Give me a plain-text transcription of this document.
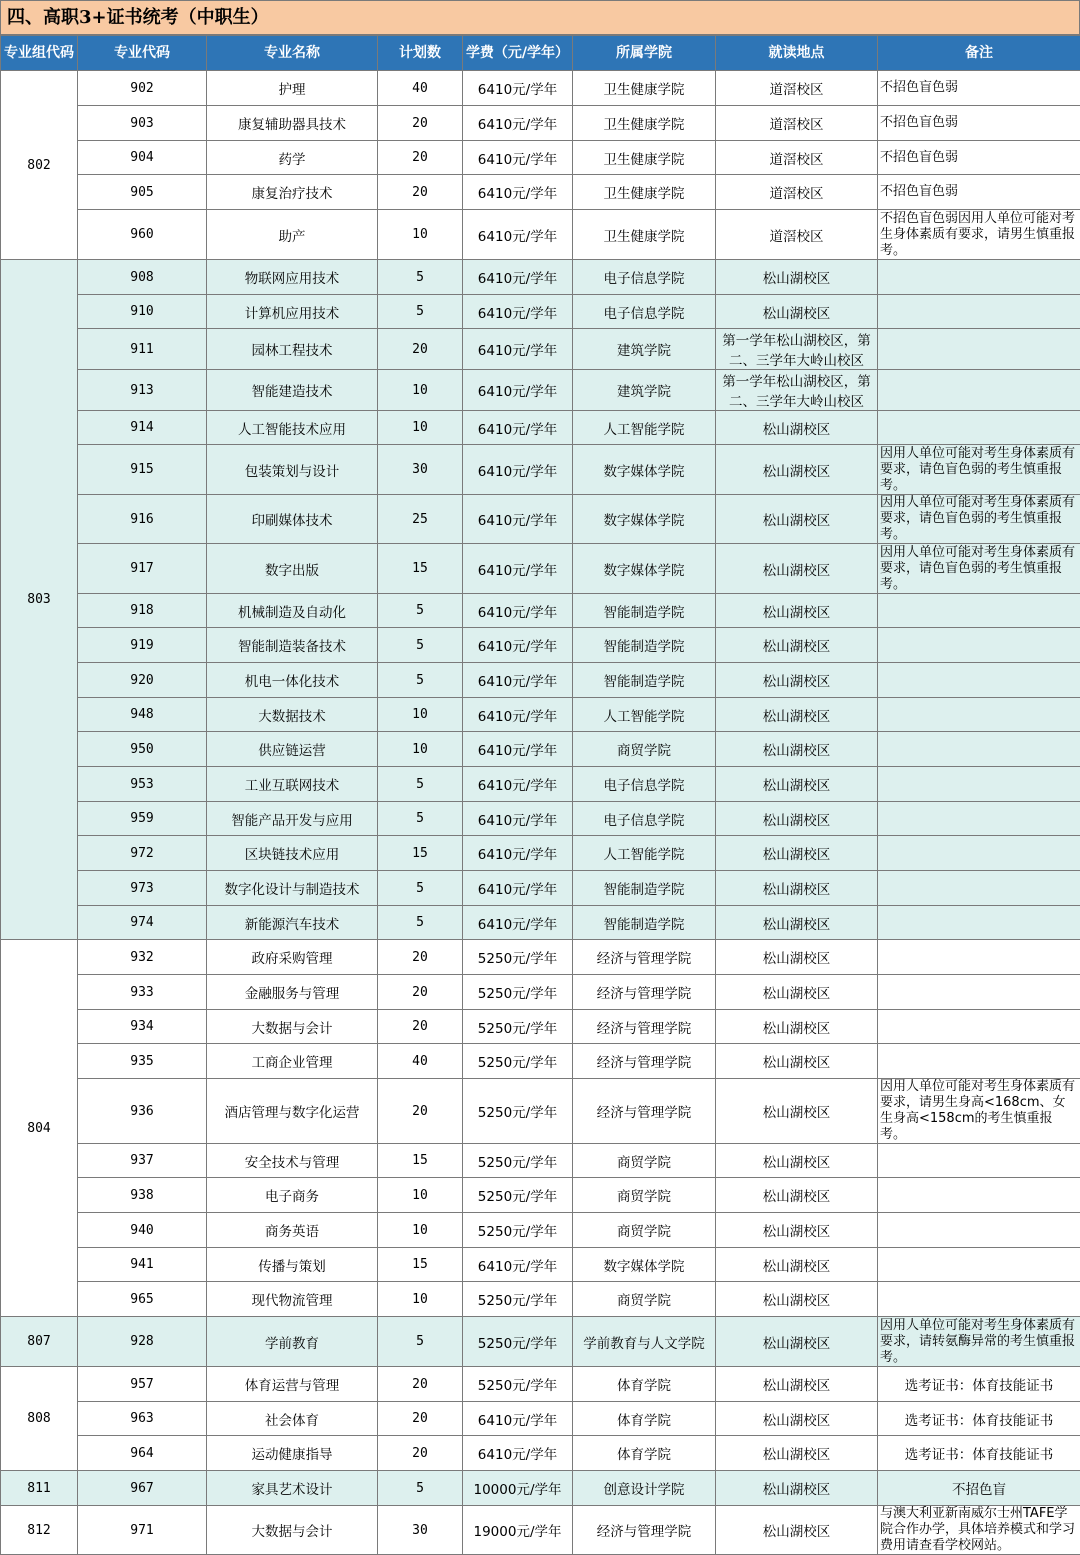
四、高职3+证书统考（中职生）
专业组代码	专业代码	专业名称	计划数	学费（元/学年）	所属学院	就读地点	备注
802	902	护理	40	6410元/学年	卫生健康学院	道滘校区	不招色盲色弱
	903	康复辅助器具技术	20	6410元/学年	卫生健康学院	道滘校区	不招色盲色弱
	904	药学	20	6410元/学年	卫生健康学院	道滘校区	不招色盲色弱
	905	康复治疗技术	20	6410元/学年	卫生健康学院	道滘校区	不招色盲色弱
	960	助产	10	6410元/学年	卫生健康学院	道滘校区	不招色盲色弱因用人单位可能对考生身体素质有要求，请男生慎重报考。
803	908	物联网应用技术	5	6410元/学年	电子信息学院	松山湖校区	
	910	计算机应用技术	5	6410元/学年	电子信息学院	松山湖校区	
	911	园林工程技术	20	6410元/学年	建筑学院	第一学年松山湖校区，第二、三学年大岭山校区	
	913	智能建造技术	10	6410元/学年	建筑学院	第一学年松山湖校区，第二、三学年大岭山校区	
	914	人工智能技术应用	10	6410元/学年	人工智能学院	松山湖校区	
	915	包装策划与设计	30	6410元/学年	数字媒体学院	松山湖校区	因用人单位可能对考生身体素质有要求，请色盲色弱的考生慎重报考。
	916	印刷媒体技术	25	6410元/学年	数字媒体学院	松山湖校区	因用人单位可能对考生身体素质有要求，请色盲色弱的考生慎重报考。
	917	数字出版	15	6410元/学年	数字媒体学院	松山湖校区	因用人单位可能对考生身体素质有要求，请色盲色弱的考生慎重报考。
	918	机械制造及自动化	5	6410元/学年	智能制造学院	松山湖校区	
	919	智能制造装备技术	5	6410元/学年	智能制造学院	松山湖校区	
	920	机电一体化技术	5	6410元/学年	智能制造学院	松山湖校区	
	948	大数据技术	10	6410元/学年	人工智能学院	松山湖校区	
	950	供应链运营	10	6410元/学年	商贸学院	松山湖校区	
	953	工业互联网技术	5	6410元/学年	电子信息学院	松山湖校区	
	959	智能产品开发与应用	5	6410元/学年	电子信息学院	松山湖校区	
	972	区块链技术应用	15	6410元/学年	人工智能学院	松山湖校区	
	973	数字化设计与制造技术	5	6410元/学年	智能制造学院	松山湖校区	
	974	新能源汽车技术	5	6410元/学年	智能制造学院	松山湖校区	
804	932	政府采购管理	20	5250元/学年	经济与管理学院	松山湖校区	
	933	金融服务与管理	20	5250元/学年	经济与管理学院	松山湖校区	
	934	大数据与会计	20	5250元/学年	经济与管理学院	松山湖校区	
	935	工商企业管理	40	5250元/学年	经济与管理学院	松山湖校区	
	936	酒店管理与数字化运营	20	5250元/学年	经济与管理学院	松山湖校区	因用人单位可能对考生身体素质有要求，请男生身高<168cm、女生身高<158cm的考生慎重报考。
	937	安全技术与管理	15	5250元/学年	商贸学院	松山湖校区	
	938	电子商务	10	5250元/学年	商贸学院	松山湖校区	
	940	商务英语	10	5250元/学年	商贸学院	松山湖校区	
	941	传播与策划	15	6410元/学年	数字媒体学院	松山湖校区	
	965	现代物流管理	10	5250元/学年	商贸学院	松山湖校区	
807	928	学前教育	5	5250元/学年	学前教育与人文学院	松山湖校区	因用人单位可能对考生身体素质有要求，请转氨酶异常的考生慎重报考。
808	957	体育运营与管理	20	5250元/学年	体育学院	松山湖校区	选考证书：体育技能证书
	963	社会体育	20	6410元/学年	体育学院	松山湖校区	选考证书：体育技能证书
	964	运动健康指导	20	6410元/学年	体育学院	松山湖校区	选考证书：体育技能证书
811	967	家具艺术设计	5	10000元/学年	创意设计学院	松山湖校区	不招色盲
812	971	大数据与会计	30	19000元/学年	经济与管理学院	松山湖校区	与澳大利亚新南威尔士州TAFE学院合作办学，具体培养模式和学习费用请查看学校网站。
